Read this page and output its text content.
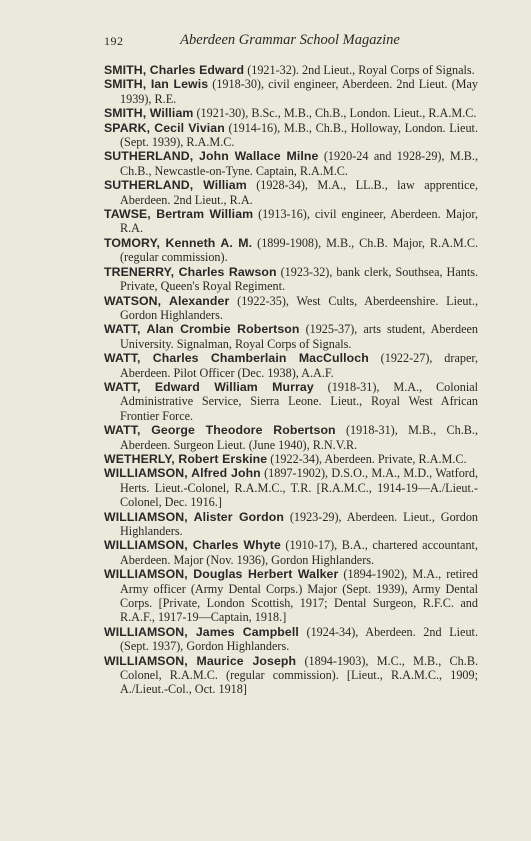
192	Aberdeen Grammar School Magazine

SMITH, Charles Edward (1921-32). 2nd Lieut., Royal Corps of Signals.

SMITH, Ian Lewis (1918-30), civil engineer, Aberdeen. 2nd Lieut. (May 1939), R.E.

SMITH, William (1921-30), B.Sc., M.B., Ch.B., London. Lieut., R.A.M.C.

SPARK, Cecil Vivian (1914-16), M.B., Ch.B., Holloway, London. Lieut. (Sept. 1939), R.A.M.C.

SUTHERLAND, John Wallace Milne (1920-24 and 1928-29), M.B., Ch.B., Newcastle-on-Tyne. Captain, R.A.M.C.

SUTHERLAND, William (1928-34), M.A., LL.B., law apprentice, Aberdeen. 2nd Lieut., R.A.

TAWSE, Bertram William (1913-16), civil engineer, Aberdeen. Major, R.A.

TOMORY, Kenneth A. M. (1899-1908), M.B., Ch.B. Major, R.A.M.C. (regular commission).

TRENERRY, Charles Rawson (1923-32), bank clerk, Southsea, Hants. Private, Queen's Royal Regiment.

WATSON, Alexander (1922-35), West Cults, Aberdeenshire. Lieut., Gordon Highlanders.

WATT, Alan Crombie Robertson (1925-37), arts student, Aberdeen University. Signalman, Royal Corps of Signals.

WATT, Charles Chamberlain MacCulloch (1922-27), draper, Aberdeen. Pilot Officer (Dec. 1938), A.A.F.

WATT, Edward William Murray (1918-31), M.A., Colonial Administrative Service, Sierra Leone. Lieut., Royal West African Frontier Force.

WATT, George Theodore Robertson (1918-31), M.B., Ch.B., Aberdeen. Surgeon Lieut. (June 1940), R.N.V.R.

WETHERLY, Robert Erskine (1922-34), Aberdeen. Private, R.A.M.C.

WILLIAMSON, Alfred John (1897-1902), D.S.O., M.A., M.D., Watford, Herts. Lieut.-Colonel, R.A.M.C., T.R. [R.A.M.C., 1914-19—A./Lieut.-Colonel, Dec. 1916.]

WILLIAMSON, Alister Gordon (1923-29), Aberdeen. Lieut., Gordon Highlanders.

WILLIAMSON, Charles Whyte (1910-17), B.A., chartered accountant, Aberdeen. Major (Nov. 1936), Gordon Highlanders.

WILLIAMSON, Douglas Herbert Walker (1894-1902), M.A., retired Army officer (Army Dental Corps.) Major (Sept. 1939), Army Dental Corps. [Private, London Scottish, 1917; Dental Surgeon, R.F.C. and R.A.F., 1917-19—Captain, 1918.]

WILLIAMSON, James Campbell (1924-34), Aberdeen. 2nd Lieut. (Sept. 1937), Gordon Highlanders.

WILLIAMSON, Maurice Joseph (1894-1903), M.C., M.B., Ch.B. Colonel, R.A.M.C. (regular commission). [Lieut., R.A.M.C., 1909; A./Lieut.-Col., Oct. 1918]
